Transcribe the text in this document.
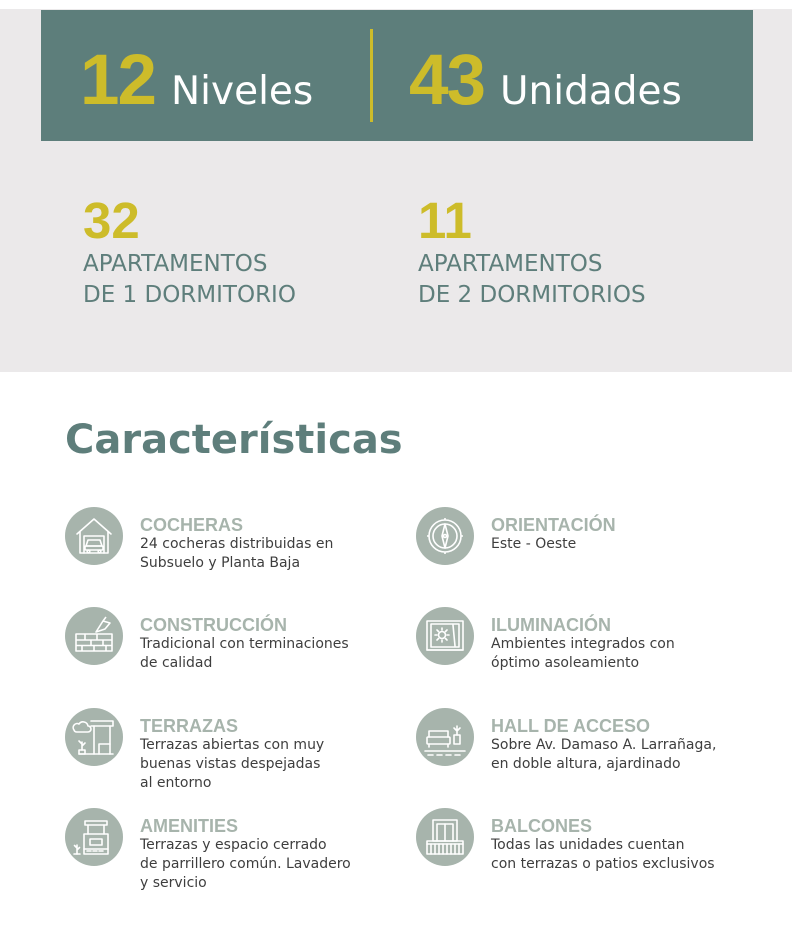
12 Niveles 43 Unidades
32
APARTAMENTOS
DE 1 DORMITORIO
11
APARTAMENTOS
DE 2 DORMITORIOS
Características
COCHERAS
24 cocheras distribuidas en
Subsuelo y Planta Baja
ORIENTACIÓN
Este - Oeste
CONSTRUCCIÓN
Tradicional con terminaciones
de calidad
ILUMINACIÓN
Ambientes integrados con
óptimo asoleamiento
TERRAZAS
Terrazas abiertas con muy
buenas vistas despejadas
al entorno
HALL DE ACCESO
Sobre Av. Damaso A. Larrañaga,
en doble altura, ajardinado
AMENITIES
Terrazas y espacio cerrado
de parrillero común. Lavadero
y servicio
BALCONES
Todas las unidades cuentan
con terrazas o patios exclusivos
